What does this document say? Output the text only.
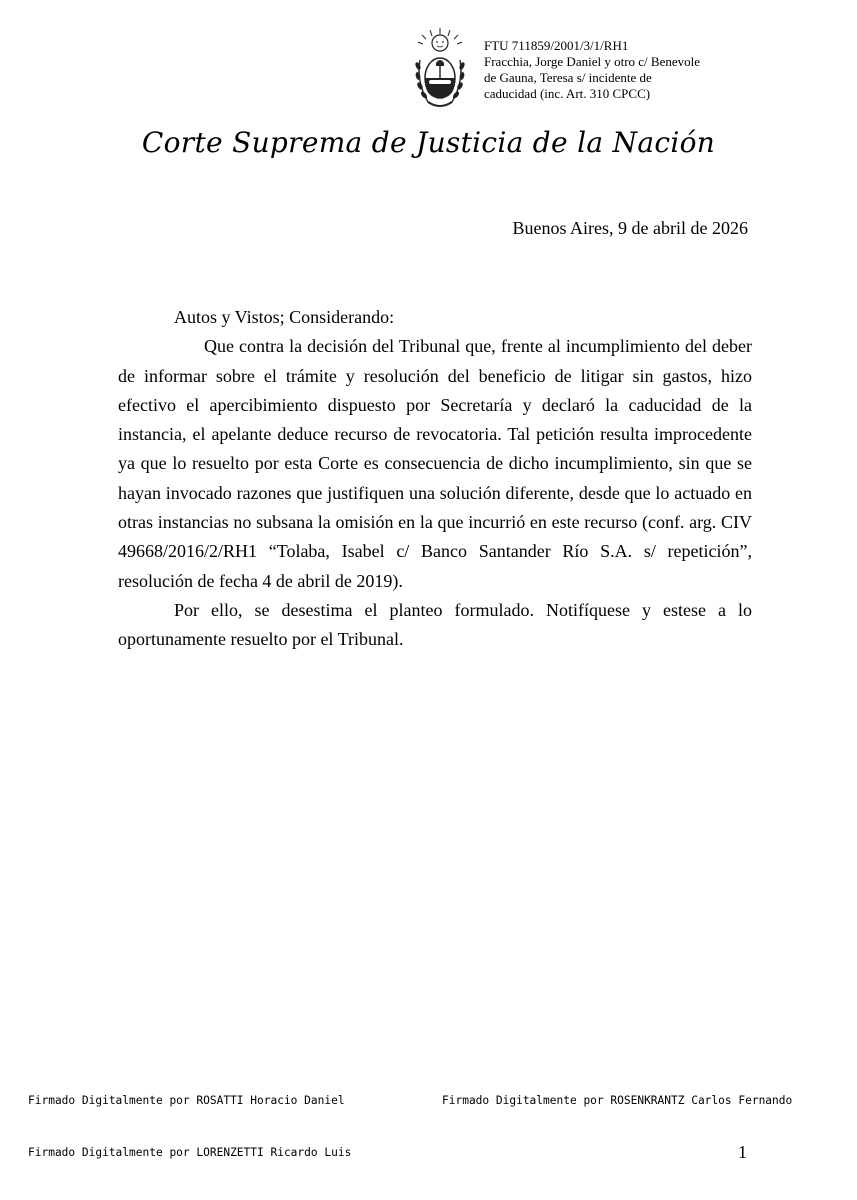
FTU 711859/2001/3/1/RH1
Fracchia, Jorge Daniel y otro c/ Benevole
de Gauna, Teresa s/ incidente de
caducidad (inc. Art. 310 CPCC)
Corte Suprema de Justicia de la Nación
Buenos Aires, 9 de abril de 2026

Autos y Vistos; Considerando:

Que contra la decisión del Tribunal que, frente al incumplimiento del deber de informar sobre el trámite y resolución del beneficio de litigar sin gastos, hizo efectivo el apercibimiento dispuesto por Secretaría y declaró la caducidad de la instancia, el apelante deduce recurso de revocatoria. Tal petición resulta improcedente ya que lo resuelto por esta Corte es consecuencia de dicho incumplimiento, sin que se hayan invocado razones que justifiquen una solución diferente, desde que lo actuado en otras instancias no subsana la omisión en la que incurrió en este recurso (conf. arg. CIV 49668/2016/2/RH1 “Tolaba, Isabel c/ Banco Santander Río S.A. s/ repetición”, resolución de fecha 4 de abril de 2019).

Por ello, se desestima el planteo formulado. Notifíquese y estese a lo oportunamente resuelto por el Tribunal.

Firmado Digitalmente por ROSATTI Horacio Daniel	Firmado Digitalmente por ROSENKRANTZ Carlos Fernando
Firmado Digitalmente por LORENZETTI Ricardo Luis	1
